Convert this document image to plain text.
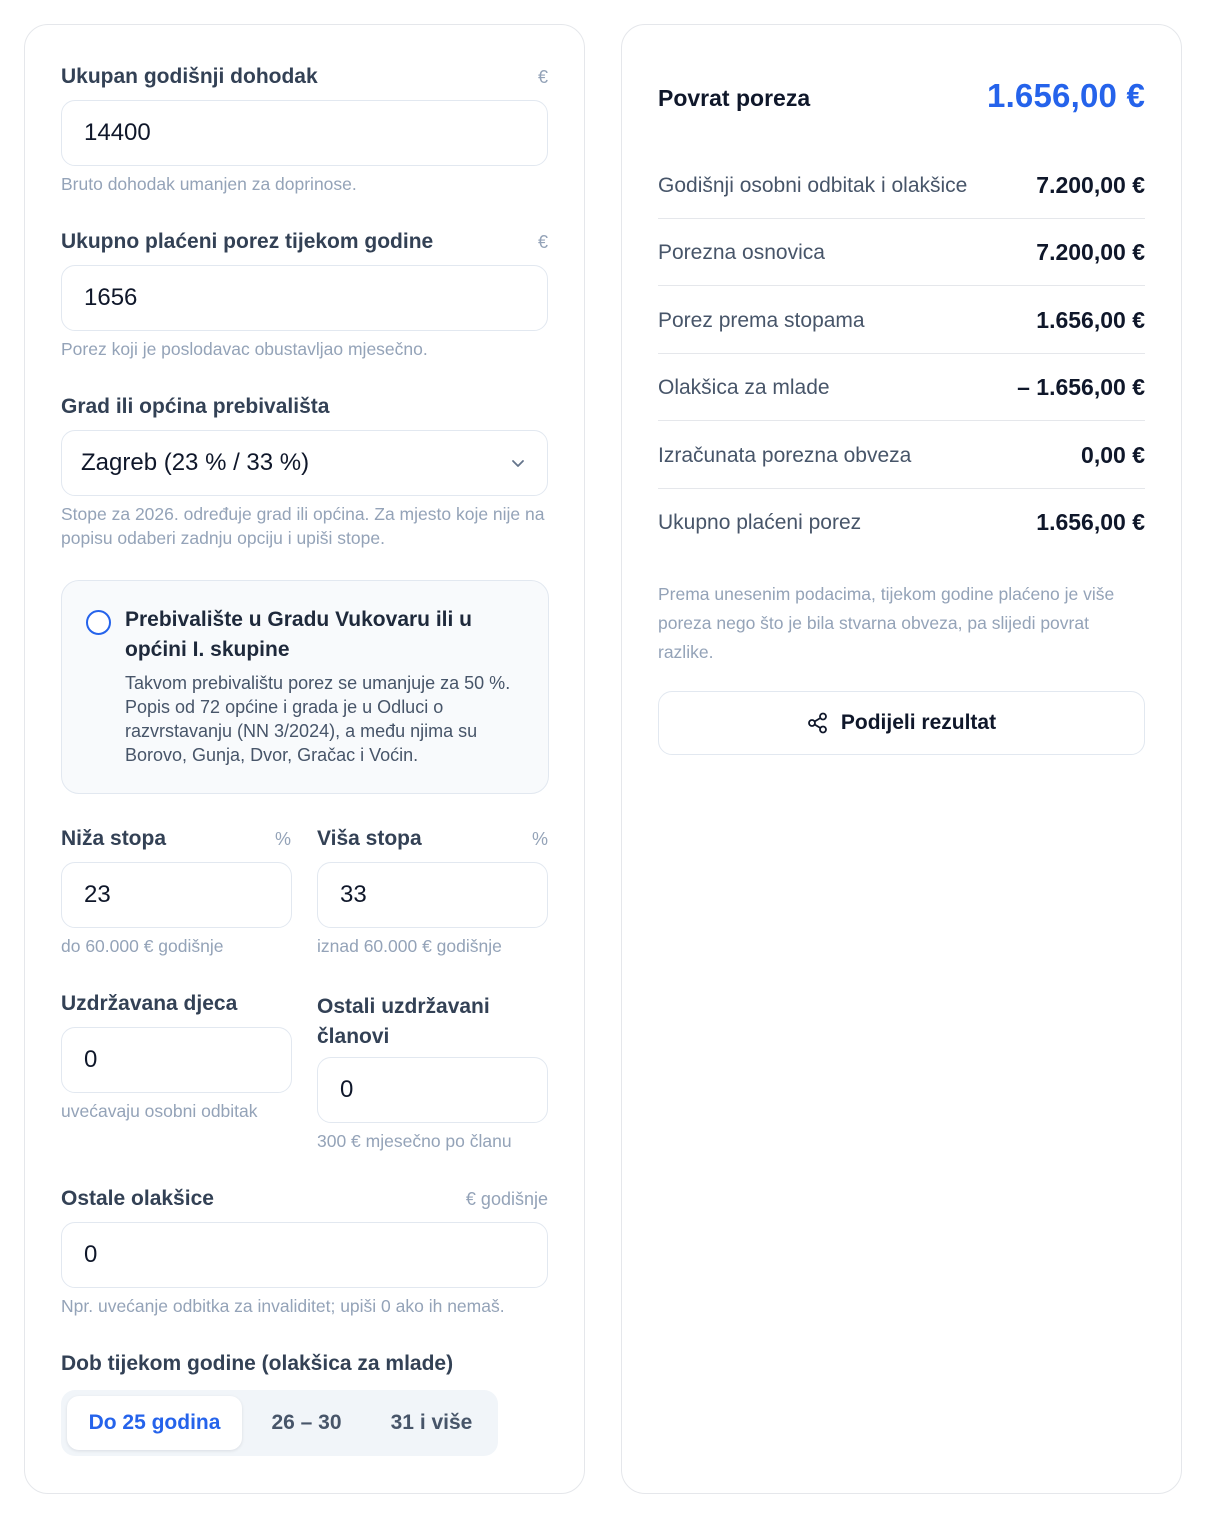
Ukupan godišnji dohodak	€
14400
Bruto dohodak umanjen za doprinose.
Ukupno plaćeni porez tijekom godine	€
1656
Porez koji je poslodavac obustavljao mjesečno.
Grad ili općina prebivališta
Zagreb (23 % / 33 %)
Stope za 2026. određuje grad ili općina. Za mjesto koje nije na popisu odaberi zadnju opciju i upiši stope.
Prebivalište u Gradu Vukovaru ili u općini I. skupine
Takvom prebivalištu porez se umanjuje za 50 %. Popis od 72 općine i grada je u Odluci o razvrstavanju (NN 3/2024), a među njima su Borovo, Gunja, Dvor, Gračac i Voćin.
Niža stopa	%
23
do 60.000 € godišnje
Viša stopa	%
33
iznad 60.000 € godišnje
Uzdržavana djeca
0
uvećavaju osobni odbitak
Ostali uzdržavani članovi
0
300 € mjesečno po članu
Ostale olakšice	€ godišnje
0
Npr. uvećanje odbitka za invaliditet; upiši 0 ako ih nemaš.
Dob tijekom godine (olakšica za mlade)
Do 25 godina	26 – 30	31 i više
Povrat poreza	1.656,00 €
Godišnji osobni odbitak i olakšice	7.200,00 €
Porezna osnovica	7.200,00 €
Porez prema stopama	1.656,00 €
Olakšica za mlade	– 1.656,00 €
Izračunata porezna obveza	0,00 €
Ukupno plaćeni porez	1.656,00 €
Prema unesenim podacima, tijekom godine plaćeno je više poreza nego što je bila stvarna obveza, pa slijedi povrat razlike.
Podijeli rezultat
